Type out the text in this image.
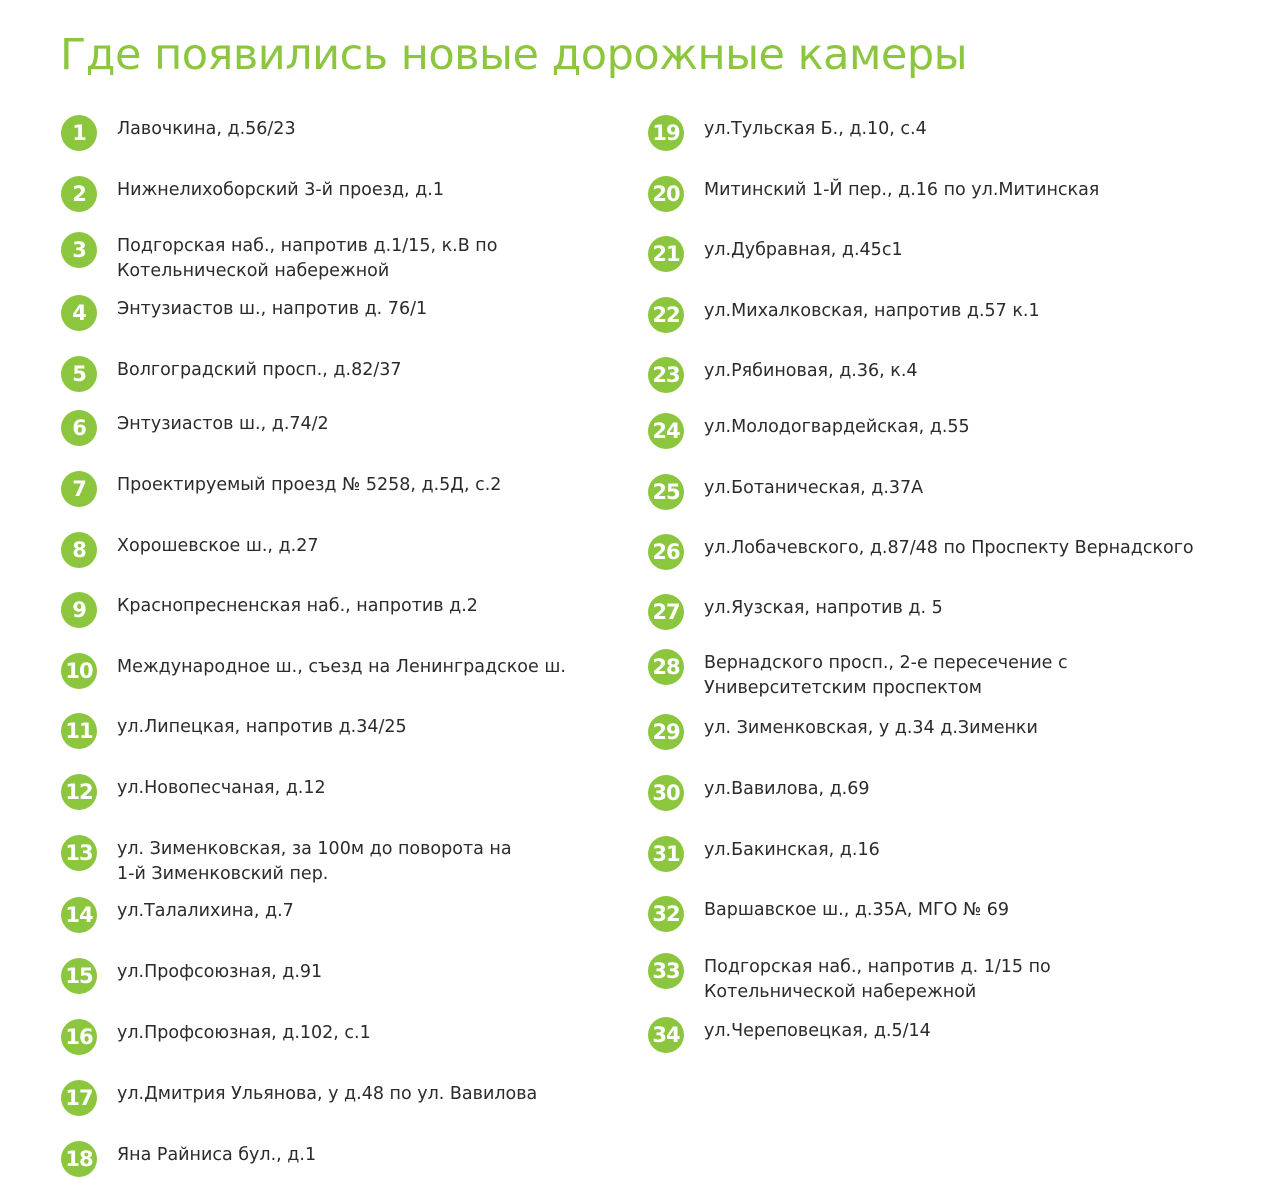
Где появились новые дорожные камеры
1	Лавочкина, д.56/23
2	Нижнелихоборский 3-й проезд, д.1
3	Подгорская наб., напротив д.1/15, к.В по Котельнической набережной
4	Энтузиастов ш., напротив д. 76/1
5	Волгоградский просп., д.82/37
6	Энтузиастов ш., д.74/2
7	Проектируемый проезд № 5258, д.5Д, с.2
8	Хорошевское ш., д.27
9	Краснопресненская наб., напротив д.2
10 Международное ш., съезд на Ленинградское ш.
11 ул.Липецкая, напротив д.34/25
12 ул.Новопесчаная, д.12
13 ул. Зименковская, за 100м до поворота на 1-й Зименковский пер.
14 ул.Талалихина, д.7
15 ул.Профсоюзная, д.91
16 ул.Профсоюзная, д.102, с.1
17 ул.Дмитрия Ульянова, у д.48 по ул. Вавилова
18 Яна Райниса бул., д.1
19 ул.Тульская Б., д.10, с.4
20 Митинский 1-Й пер., д.16 по ул.Митинская
21 ул.Дубравная, д.45с1
22 ул.Михалковская, напротив д.57 к.1
23 ул.Рябиновая, д.36, к.4
24 ул.Молодогвардейская, д.55
25 ул.Ботаническая, д.37А
26 ул.Лобачевского, д.87/48 по Проспекту Вернадского
27 ул.Яузская, напротив д. 5
28 Вернадского просп., 2-е пересечение с Университетским проспектом
29 ул. Зименковская, у д.34 д.Зименки
30 ул.Вавилова, д.69
31 ул.Бакинская, д.16
32 Варшавское ш., д.35А, МГО № 69
33 Подгорская наб., напротив д. 1/15 по Котельнической набережной
34 ул.Череповецкая, д.5/14
